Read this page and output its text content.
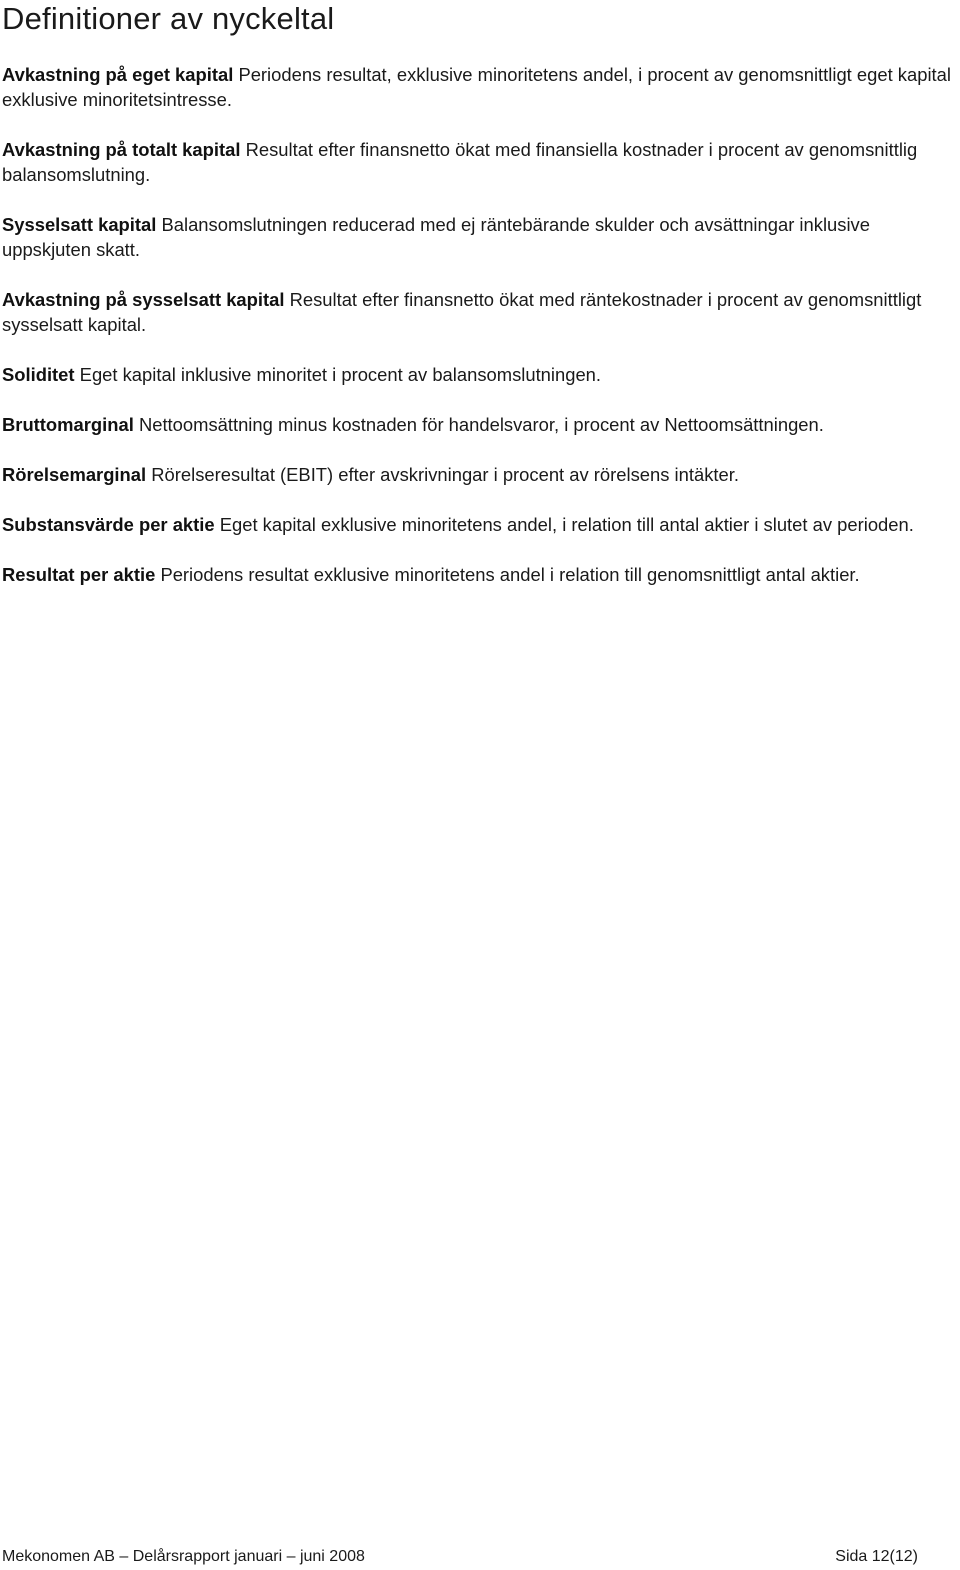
Definitioner av nyckeltal

Avkastning på eget kapital Periodens resultat, exklusive minoritetens andel, i procent av genomsnittligt eget kapital exklusive minoritetsintresse.

Avkastning på totalt kapital Resultat efter finansnetto ökat med finansiella kostnader i procent av genomsnittlig balansomslutning.

Sysselsatt kapital Balansomslutningen reducerad med ej räntebärande skulder och avsättningar inklusive uppskjuten skatt.

Avkastning på sysselsatt kapital Resultat efter finansnetto ökat med räntekostnader i procent av genomsnittligt sysselsatt kapital.

Soliditet Eget kapital inklusive minoritet i procent av balansomslutningen.

Bruttomarginal Nettoomsättning minus kostnaden för handelsvaror, i procent av Nettoomsättningen.

Rörelsemarginal Rörelseresultat (EBIT) efter avskrivningar i procent av rörelsens intäkter.

Substansvärde per aktie Eget kapital exklusive minoritetens andel, i relation till antal aktier i slutet av perioden.

Resultat per aktie Periodens resultat exklusive minoritetens andel i relation till genomsnittligt antal aktier.

Mekonomen AB – Delårsrapport januari – juni 2008	Sida 12(12)
